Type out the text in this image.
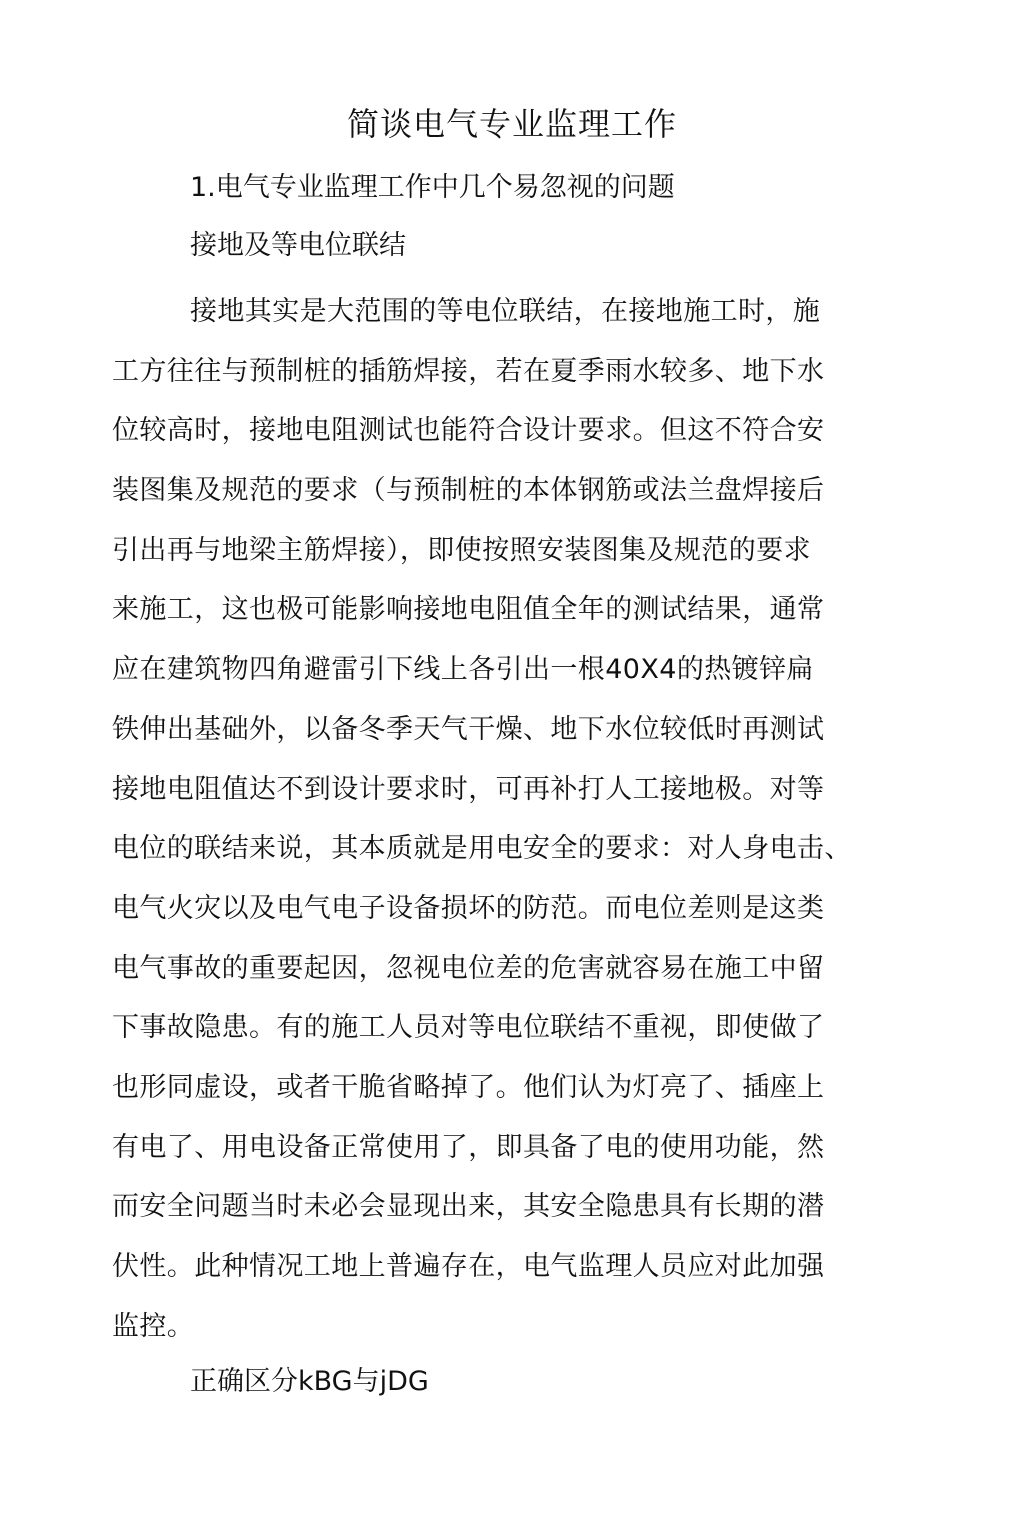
简谈电气专业监理工作

1.电气专业监理工作中几个易忽视的问题

接地及等电位联结

接地其实是大范围的等电位联结，在接地施工时，施
工方往往与预制桩的插筋焊接，若在夏季雨水较多、地下水
位较高时，接地电阻测试也能符合设计要求。但这不符合安
装图集及规范的要求（与预制桩的本体钢筋或法兰盘焊接后
引出再与地梁主筋焊接），即使按照安装图集及规范的要求
来施工，这也极可能影响接地电阻值全年的测试结果，通常
应在建筑物四角避雷引下线上各引出一根40X4的热镀锌扁
铁伸出基础外，以备冬季天气干燥、地下水位较低时再测试
接地电阻值达不到设计要求时，可再补打人工接地极。对等
电位的联结来说，其本质就是用电安全的要求：对人身电击、
电气火灾以及电气电子设备损坏的防范。而电位差则是这类
电气事故的重要起因，忽视电位差的危害就容易在施工中留
下事故隐患。有的施工人员对等电位联结不重视，即使做了
也形同虚设，或者干脆省略掉了。他们认为灯亮了、插座上
有电了、用电设备正常使用了，即具备了电的使用功能，然
而安全问题当时未必会显现出来，其安全隐患具有长期的潜
伏性。此种情况工地上普遍存在，电气监理人员应对此加强
监控。

正确区分kBG与jDG
